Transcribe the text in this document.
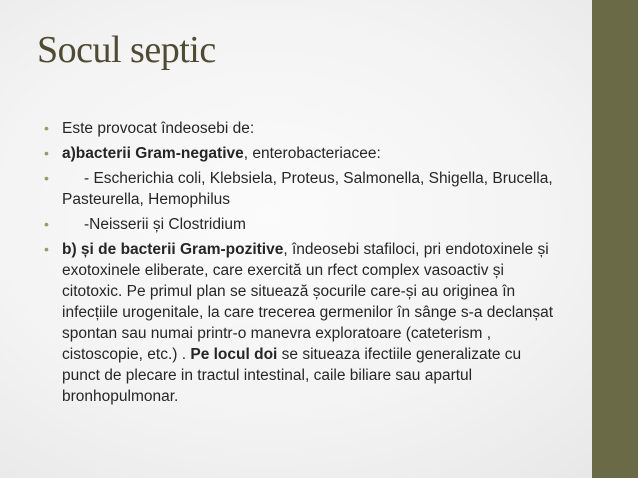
Socul septic
• Este provocat îndeosebi de:
• a)bacterii Gram-negative, enterobacteriacee:
• - Escherichia coli, Klebsiela, Proteus, Salmonella, Shigella, Brucella, Pasteurella, Hemophilus
• -Neisserii și Clostridium
• b) și de bacterii Gram-pozitive, îndeosebi stafiloci, pri endotoxinele și exotoxinele eliberate, care exercită un rfect complex vasoactiv și citotoxic. Pe primul plan se situează șocurile care-și au originea în infecțiile urogenitale, la care trecerea germenilor în sânge s-a declanșat spontan sau numai printr-o manevra exploratoare (cateterism , cistoscopie, etc.) . Pe locul doi se situeaza ifectiile generalizate cu punct de plecare in tractul intestinal, caile biliare sau apartul bronhopulmonar.
